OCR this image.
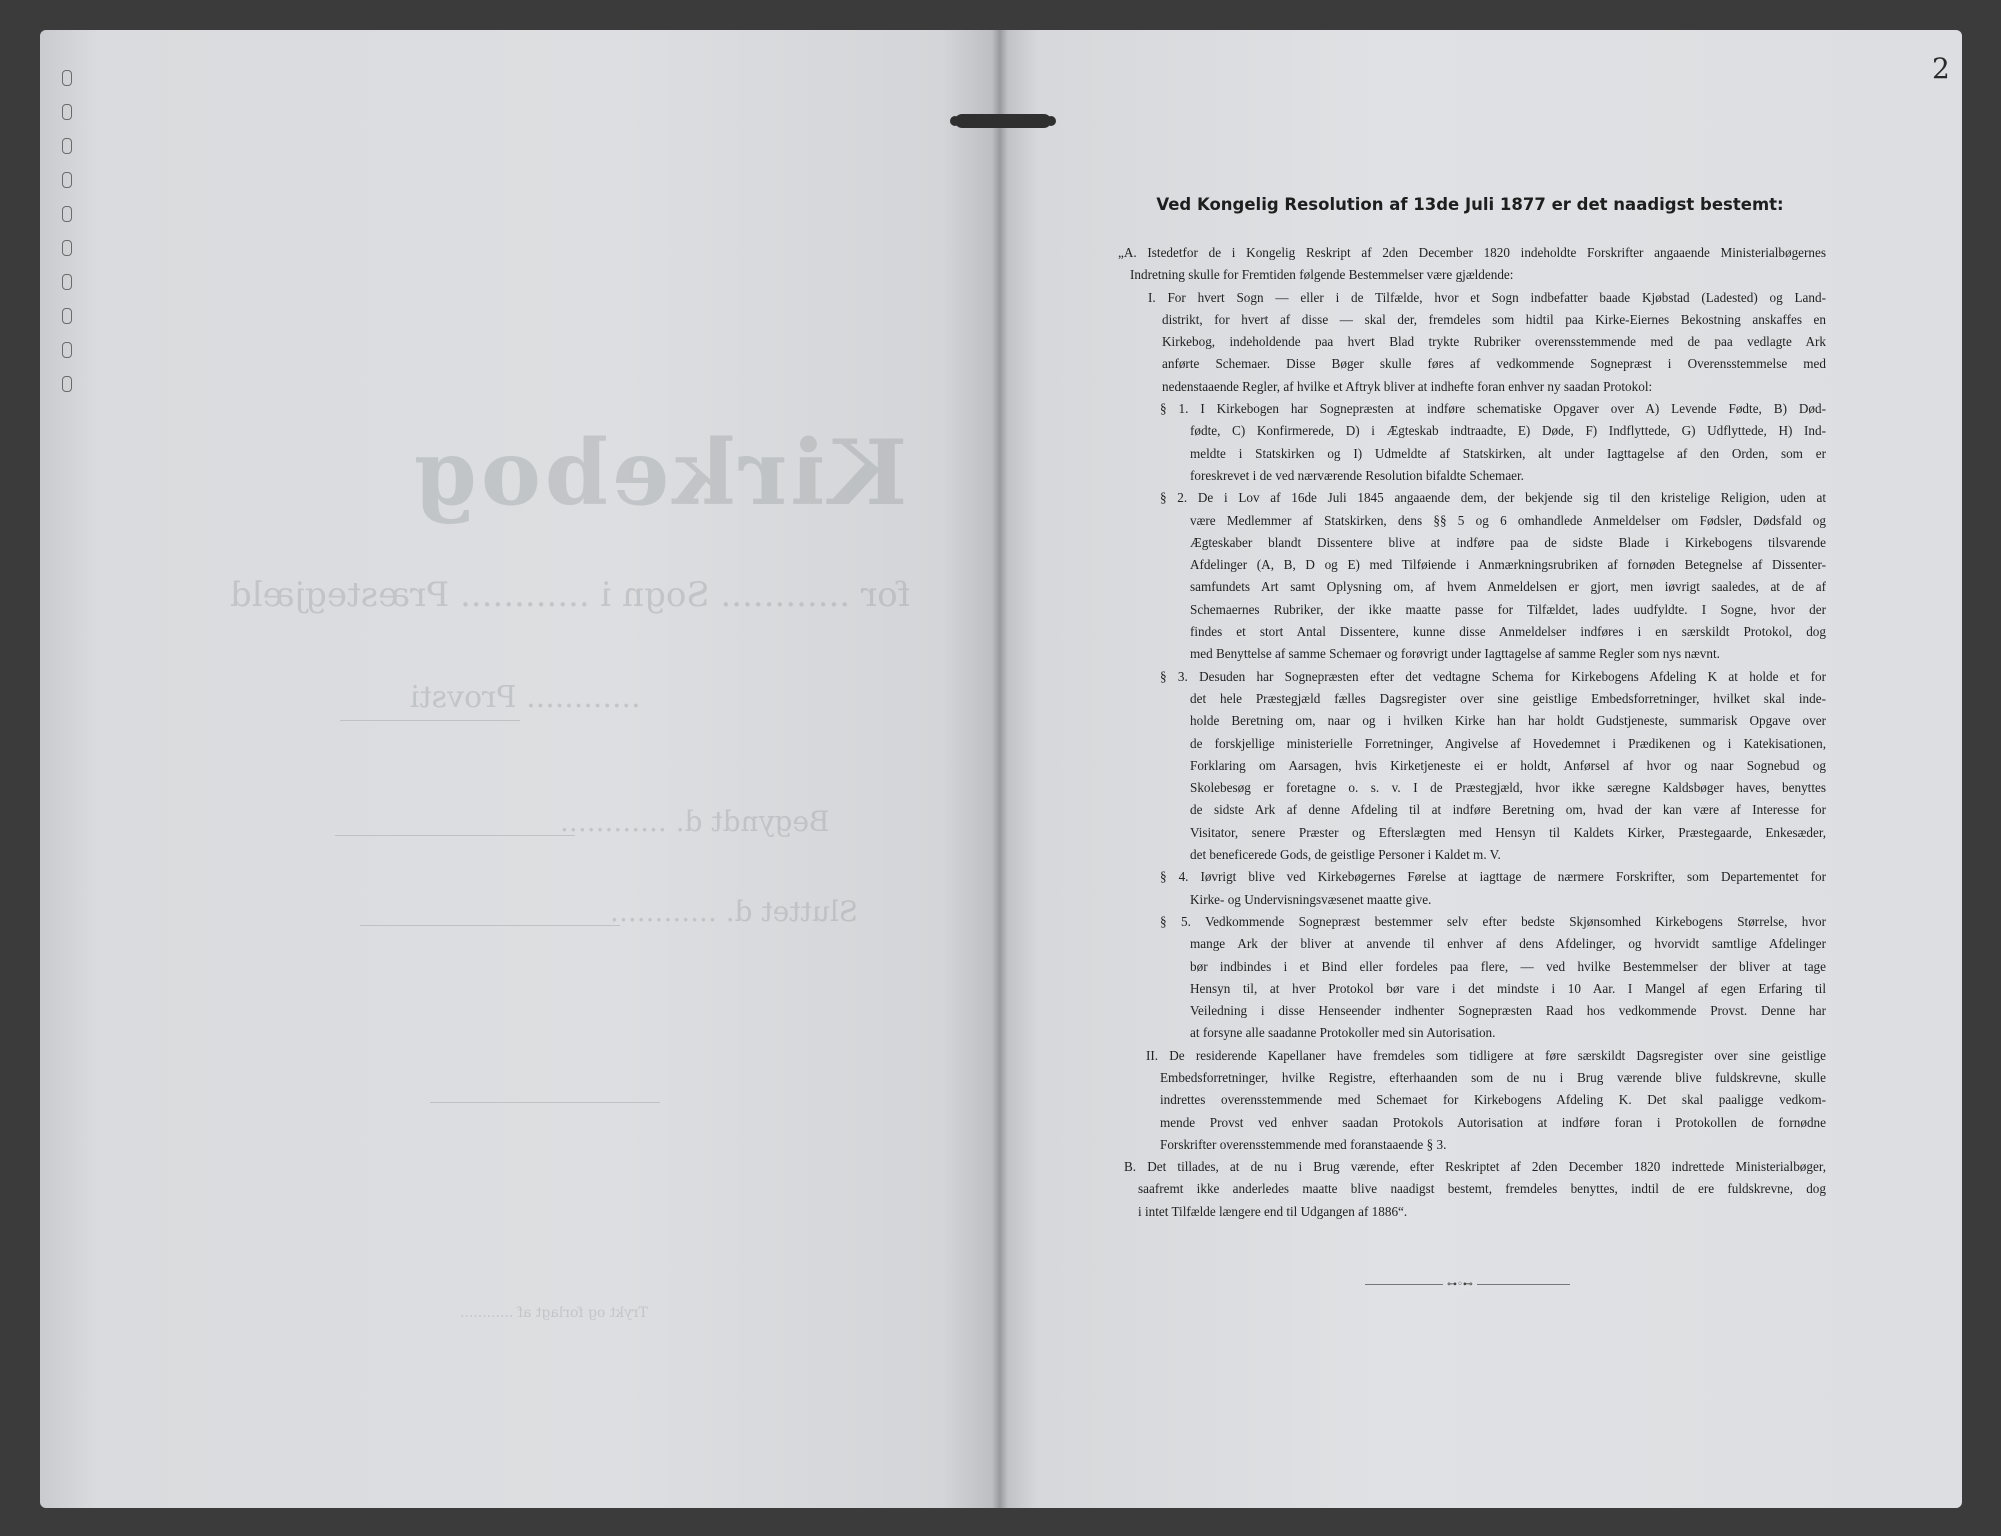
Kirkebog
for ............ Sogn i ............ Præstegjæld
............ Provsti
Begyndt d. ............
Sluttet d. ............
Trykt og forlagt af ............
2
Ved Kongelig Resolution af 13de Juli 1877 er det naadigst bestemt:
„A. Istedetfor de i Kongelig Reskript af 2den December 1820 indeholdte Forskrifter angaaende Ministerialbøgernes
Indretning skulle for Fremtiden følgende Bestemmelser være gjældende:
I. For hvert Sogn — eller i de Tilfælde, hvor et Sogn indbefatter baade Kjøbstad (Ladested) og Land-
distrikt, for hvert af disse — skal der, fremdeles som hidtil paa Kirke-Eiernes Bekostning anskaffes en
Kirkebog, indeholdende paa hvert Blad trykte Rubriker overensstemmende med de paa vedlagte Ark
anførte Schemaer. Disse Bøger skulle føres af vedkommende Sognepræst i Overensstemmelse med
nedenstaaende Regler, af hvilke et Aftryk bliver at indhefte foran enhver ny saadan Protokol:
§ 1. I Kirkebogen har Sognepræsten at indføre schematiske Opgaver over A) Levende Fødte, B) Død-
fødte, C) Konfirmerede, D) i Ægteskab indtraadte, E) Døde, F) Indflyttede, G) Udflyttede, H) Ind-
meldte i Statskirken og I) Udmeldte af Statskirken, alt under Iagttagelse af den Orden, som er
foreskrevet i de ved nærværende Resolution bifaldte Schemaer.
§ 2. De i Lov af 16de Juli 1845 angaaende dem, der bekjende sig til den kristelige Religion, uden at
være Medlemmer af Statskirken, dens §§ 5 og 6 omhandlede Anmeldelser om Fødsler, Dødsfald og
Ægteskaber blandt Dissentere blive at indføre paa de sidste Blade i Kirkebogens tilsvarende
Afdelinger (A, B, D og E) med Tilføiende i Anmærkningsrubriken af fornøden Betegnelse af Dissenter-
samfundets Art samt Oplysning om, af hvem Anmeldelsen er gjort, men iøvrigt saaledes, at de af
Schemaernes Rubriker, der ikke maatte passe for Tilfældet, lades uudfyldte. I Sogne, hvor der
findes et stort Antal Dissentere, kunne disse Anmeldelser indføres i en særskildt Protokol, dog
med Benyttelse af samme Schemaer og forøvrigt under Iagttagelse af samme Regler som nys nævnt.
§ 3. Desuden har Sognepræsten efter det vedtagne Schema for Kirkebogens Afdeling K at holde et for
det hele Præstegjæld fælles Dagsregister over sine geistlige Embedsforretninger, hvilket skal inde-
holde Beretning om, naar og i hvilken Kirke han har holdt Gudstjeneste, summarisk Opgave over
de forskjellige ministerielle Forretninger, Angivelse af Hovedemnet i Prædikenen og i Katekisationen,
Forklaring om Aarsagen, hvis Kirketjeneste ei er holdt, Anførsel af hvor og naar Sognebud og
Skolebesøg er foretagne o. s. v. I de Præstegjæld, hvor ikke særegne Kaldsbøger haves, benyttes
de sidste Ark af denne Afdeling til at indføre Beretning om, hvad der kan være af Interesse for
Visitator, senere Præster og Efterslægten med Hensyn til Kaldets Kirker, Præstegaarde, Enkesæder,
det beneficerede Gods, de geistlige Personer i Kaldet m. V.
§ 4. Iøvrigt blive ved Kirkebøgernes Førelse at iagttage de nærmere Forskrifter, som Departementet for
Kirke- og Undervisningsvæsenet maatte give.
§ 5. Vedkommende Sognepræst bestemmer selv efter bedste Skjønsomhed Kirkebogens Størrelse, hvor
mange Ark der bliver at anvende til enhver af dens Afdelinger, og hvorvidt samtlige Afdelinger
bør indbindes i et Bind eller fordeles paa flere, — ved hvilke Bestemmelser der bliver at tage
Hensyn til, at hver Protokol bør vare i det mindste i 10 Aar. I Mangel af egen Erfaring til
Veiledning i disse Henseender indhenter Sognepræsten Raad hos vedkommende Provst. Denne har
at forsyne alle saadanne Protokoller med sin Autorisation.
II. De residerende Kapellaner have fremdeles som tidligere at føre særskildt Dagsregister over sine geistlige
Embedsforretninger, hvilke Registre, efterhaanden som de nu i Brug værende blive fuldskrevne, skulle
indrettes overensstemmende med Schemaet for Kirkebogens Afdeling K. Det skal paaligge vedkom-
mende Provst ved enhver saadan Protokols Autorisation at indføre foran i Protokollen de fornødne
Forskrifter overensstemmende med foranstaaende § 3.
B. Det tillades, at de nu i Brug værende, efter Reskriptet af 2den December 1820 indrettede Ministerialbøger,
saafremt ikke anderledes maatte blive naadigst bestemt, fremdeles benyttes, indtil de ere fuldskrevne, dog
i intet Tilfælde længere end til Udgangen af 1886“.
⊶◦⊷
